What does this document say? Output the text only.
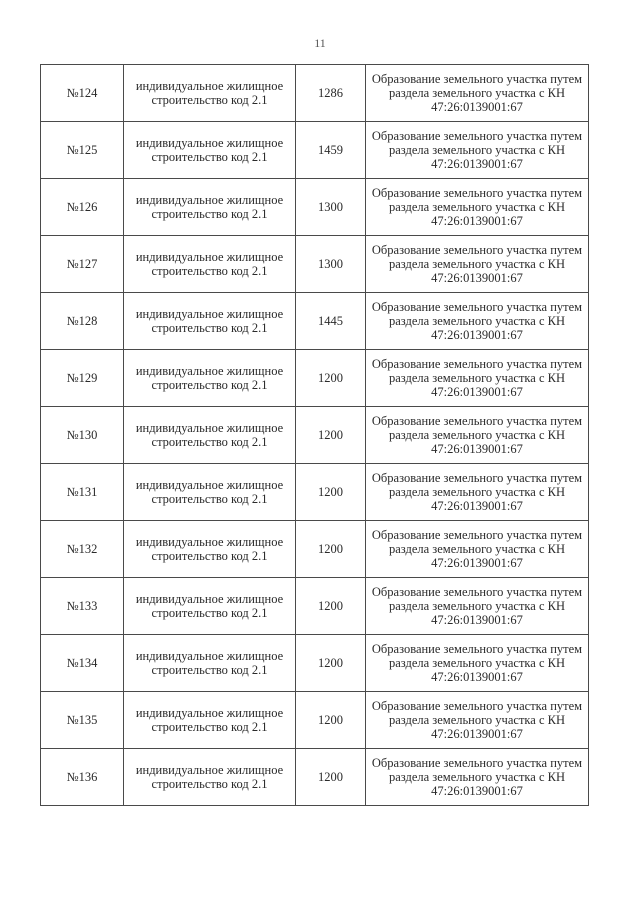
11
№124	индивидуальное жилищное
строительство код 2.1	1286	Образование земельного участка путем
раздела земельного участка с КН
47:26:0139001:67

№125	индивидуальное жилищное
строительство код 2.1	1459	Образование земельного участка путем
раздела земельного участка с КН
47:26:0139001:67

№126	индивидуальное жилищное
строительство код 2.1	1300	Образование земельного участка путем
раздела земельного участка с КН
47:26:0139001:67

№127	индивидуальное жилищное
строительство код 2.1	1300	Образование земельного участка путем
раздела земельного участка с КН
47:26:0139001:67

№128	индивидуальное жилищное
строительство код 2.1	1445	Образование земельного участка путем
раздела земельного участка с КН
47:26:0139001:67

№129	индивидуальное жилищное
строительство код 2.1	1200	Образование земельного участка путем
раздела земельного участка с КН
47:26:0139001:67

№130	индивидуальное жилищное
строительство код 2.1	1200	Образование земельного участка путем
раздела земельного участка с КН
47:26:0139001:67

№131	индивидуальное жилищное
строительство код 2.1	1200	Образование земельного участка путем
раздела земельного участка с КН
47:26:0139001:67

№132	индивидуальное жилищное
строительство код 2.1	1200	Образование земельного участка путем
раздела земельного участка с КН
47:26:0139001:67

№133	индивидуальное жилищное
строительство код 2.1	1200	Образование земельного участка путем
раздела земельного участка с КН
47:26:0139001:67

№134	индивидуальное жилищное
строительство код 2.1	1200	Образование земельного участка путем
раздела земельного участка с КН
47:26:0139001:67

№135	индивидуальное жилищное
строительство код 2.1	1200	Образование земельного участка путем
раздела земельного участка с КН
47:26:0139001:67

№136	индивидуальное жилищное
строительство код 2.1	1200	Образование земельного участка путем
раздела земельного участка с КН
47:26:0139001:67
